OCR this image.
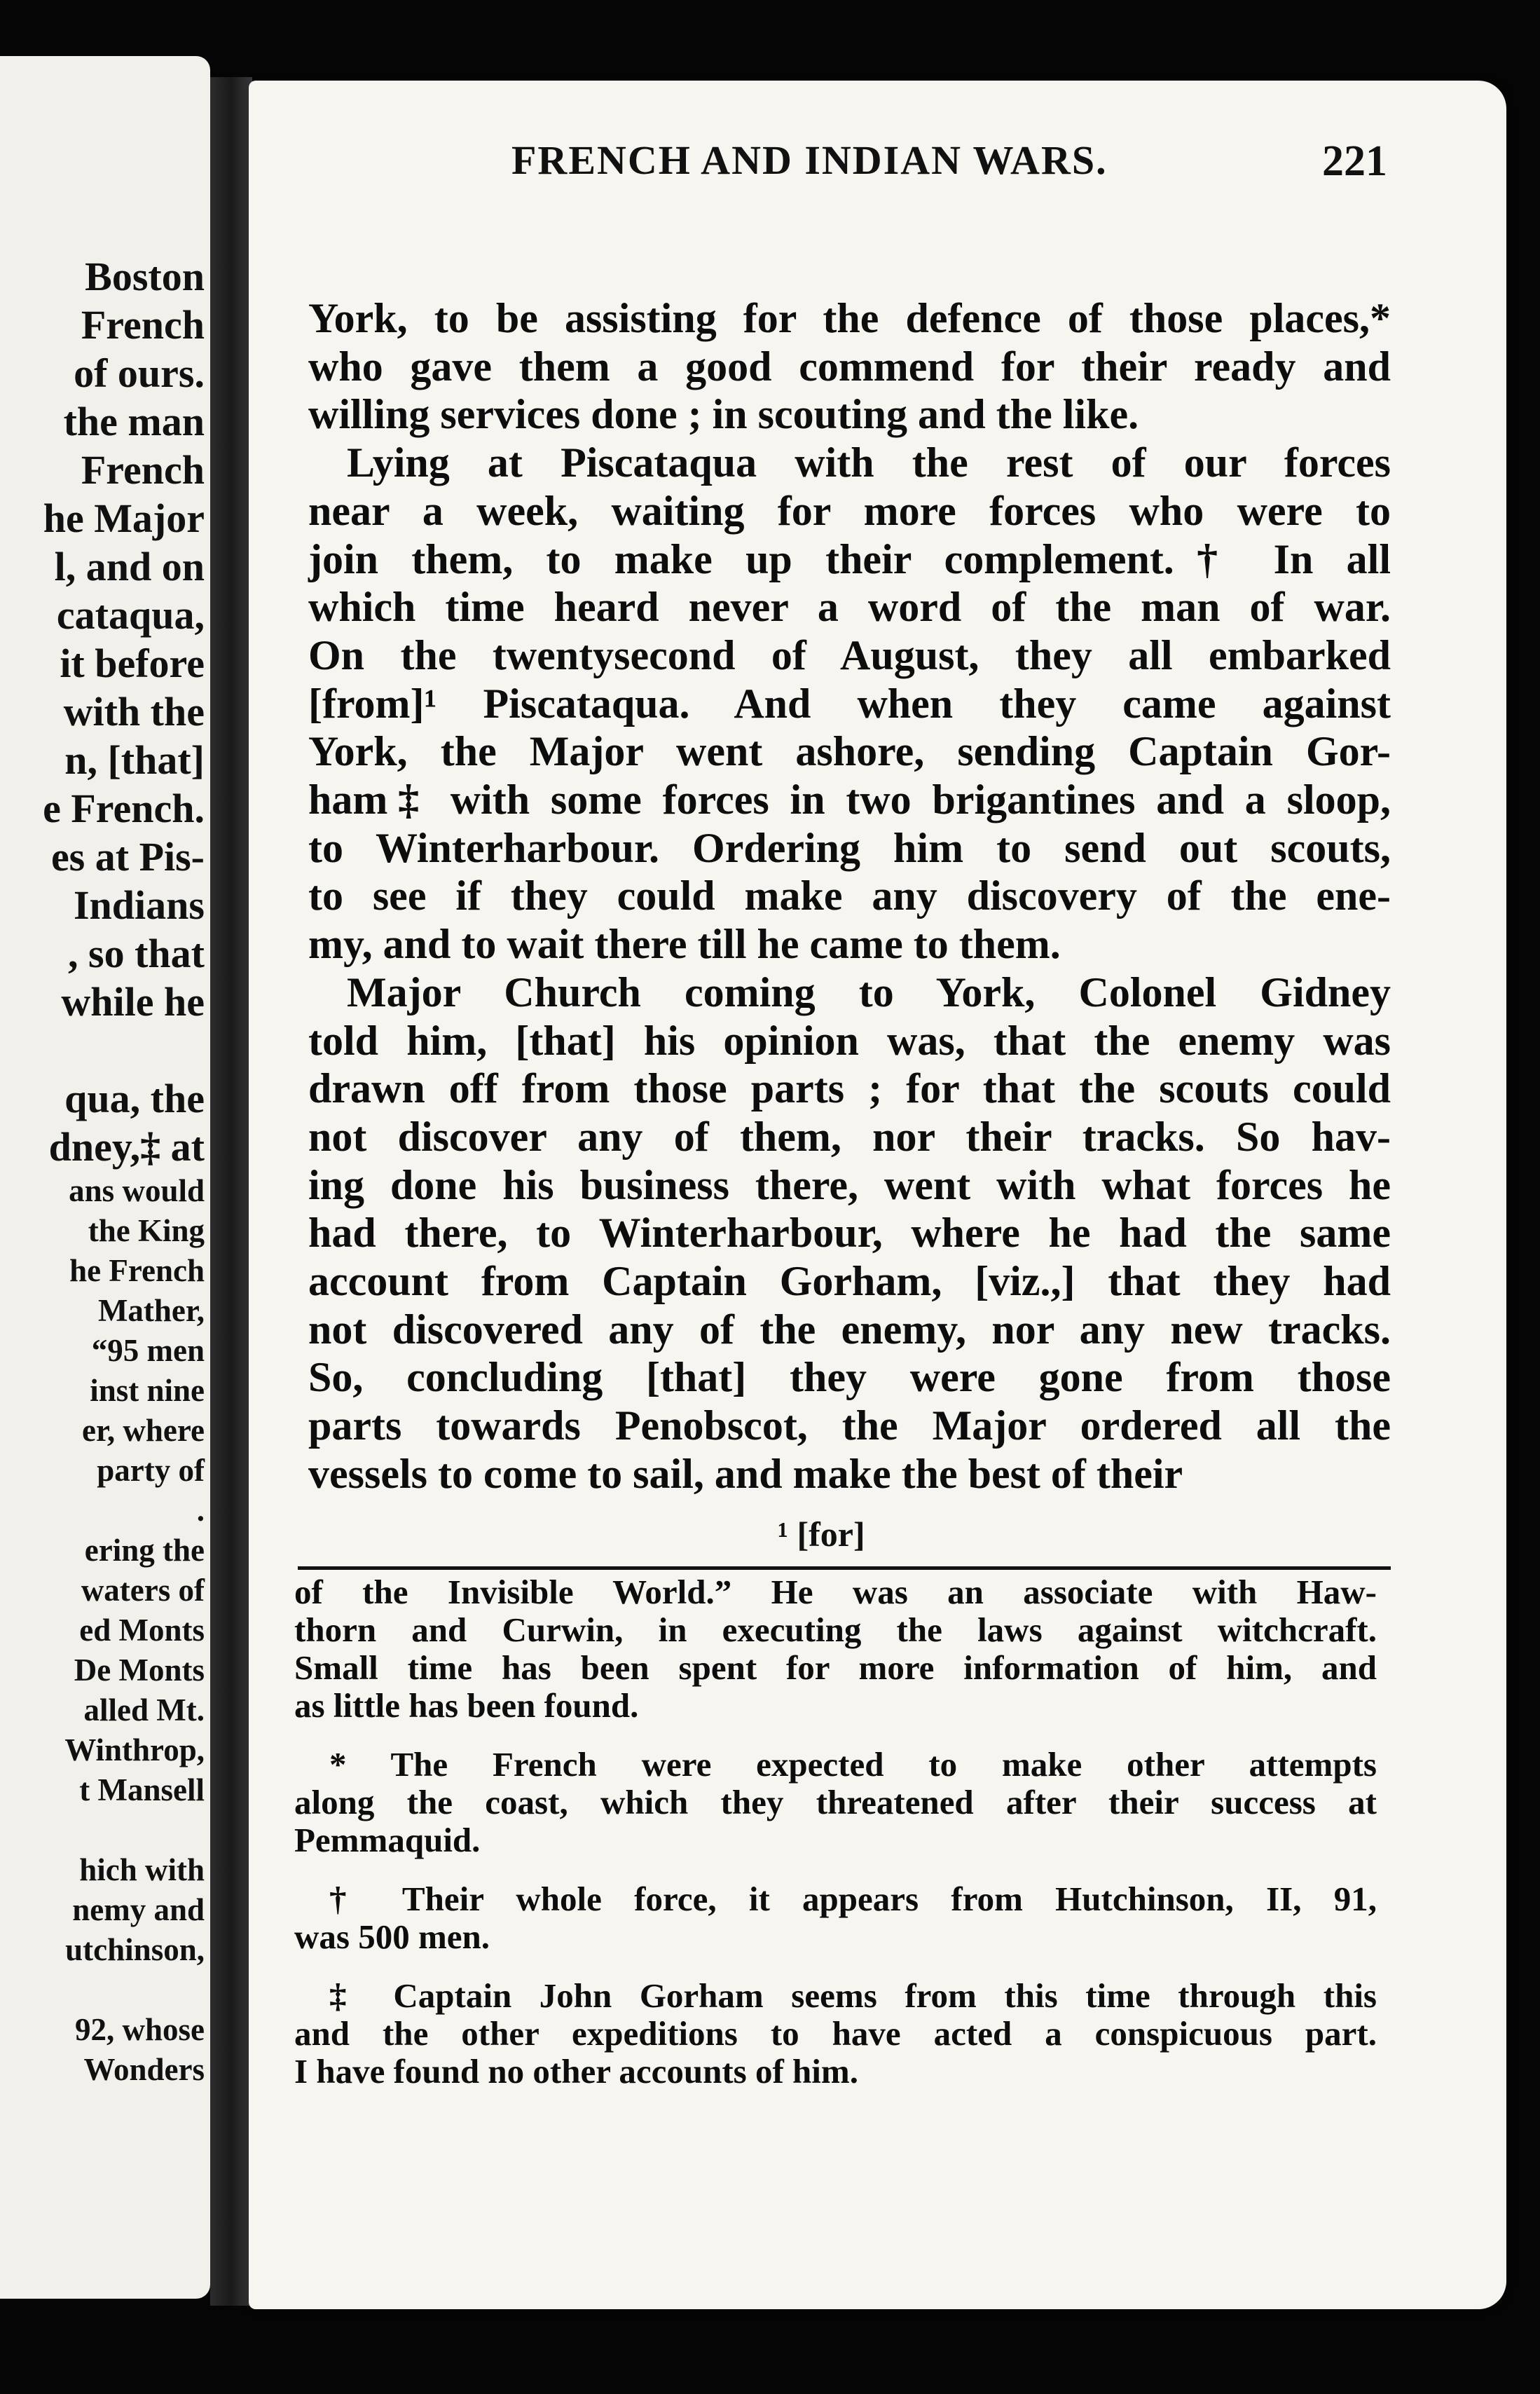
Boston
French
of ours.
the man
French
he Major
l, and on
cataqua,
it before
with the
n, [that]
e French.
es at Pis-
Indians
, so that
while he

qua, the
dney,‡ at
ans would
the King
he French
Mather,
“95 men
inst nine
er, where
party of
.
ering the
waters of
ed Monts
De Monts
alled Mt.
Winthrop,
t Mansell

hich with
nemy and
utchinson,

92, whose
Wonders
FRENCH AND INDIAN WARS.	221
York, to be assisting for the defence of those places,*
who gave them a good commend for their ready and
willing services done ; in scouting and the like.
Lying at Piscataqua with the rest of our forces
near a week, waiting for more forces who were to
join them, to make up their complement.† In all
which time heard never a word of the man of war.
On the twentysecond of August, they all embarked
[from]¹ Piscataqua. And when they came against
York, the Major went ashore, sending Captain Gor-
ham‡ with some forces in two brigantines and a sloop,
to Winterharbour. Ordering him to send out scouts,
to see if they could make any discovery of the ene-
my, and to wait there till he came to them.
Major Church coming to York, Colonel Gidney
told him, [that] his opinion was, that the enemy was
drawn off from those parts ; for that the scouts could
not discover any of them, nor their tracks. So hav-
ing done his business there, went with what forces he
had there, to Winterharbour, where he had the same
account from Captain Gorham, [viz.,] that they had
not discovered any of the enemy, nor any new tracks.
So, concluding [that] they were gone from those
parts towards Penobscot, the Major ordered all the
vessels to come to sail, and make the best of their
¹ [for]
of the Invisible World.” He was an associate with Haw-
thorn and Curwin, in executing the laws against witchcraft.
Small time has been spent for more information of him, and
as little has been found.
* The French were expected to make other attempts
along the coast, which they threatened after their success at
Pemmaquid.
† Their whole force, it appears from Hutchinson, II, 91,
was 500 men.
‡ Captain John Gorham seems from this time through this
and the other expeditions to have acted a conspicuous part.
I have found no other accounts of him.
